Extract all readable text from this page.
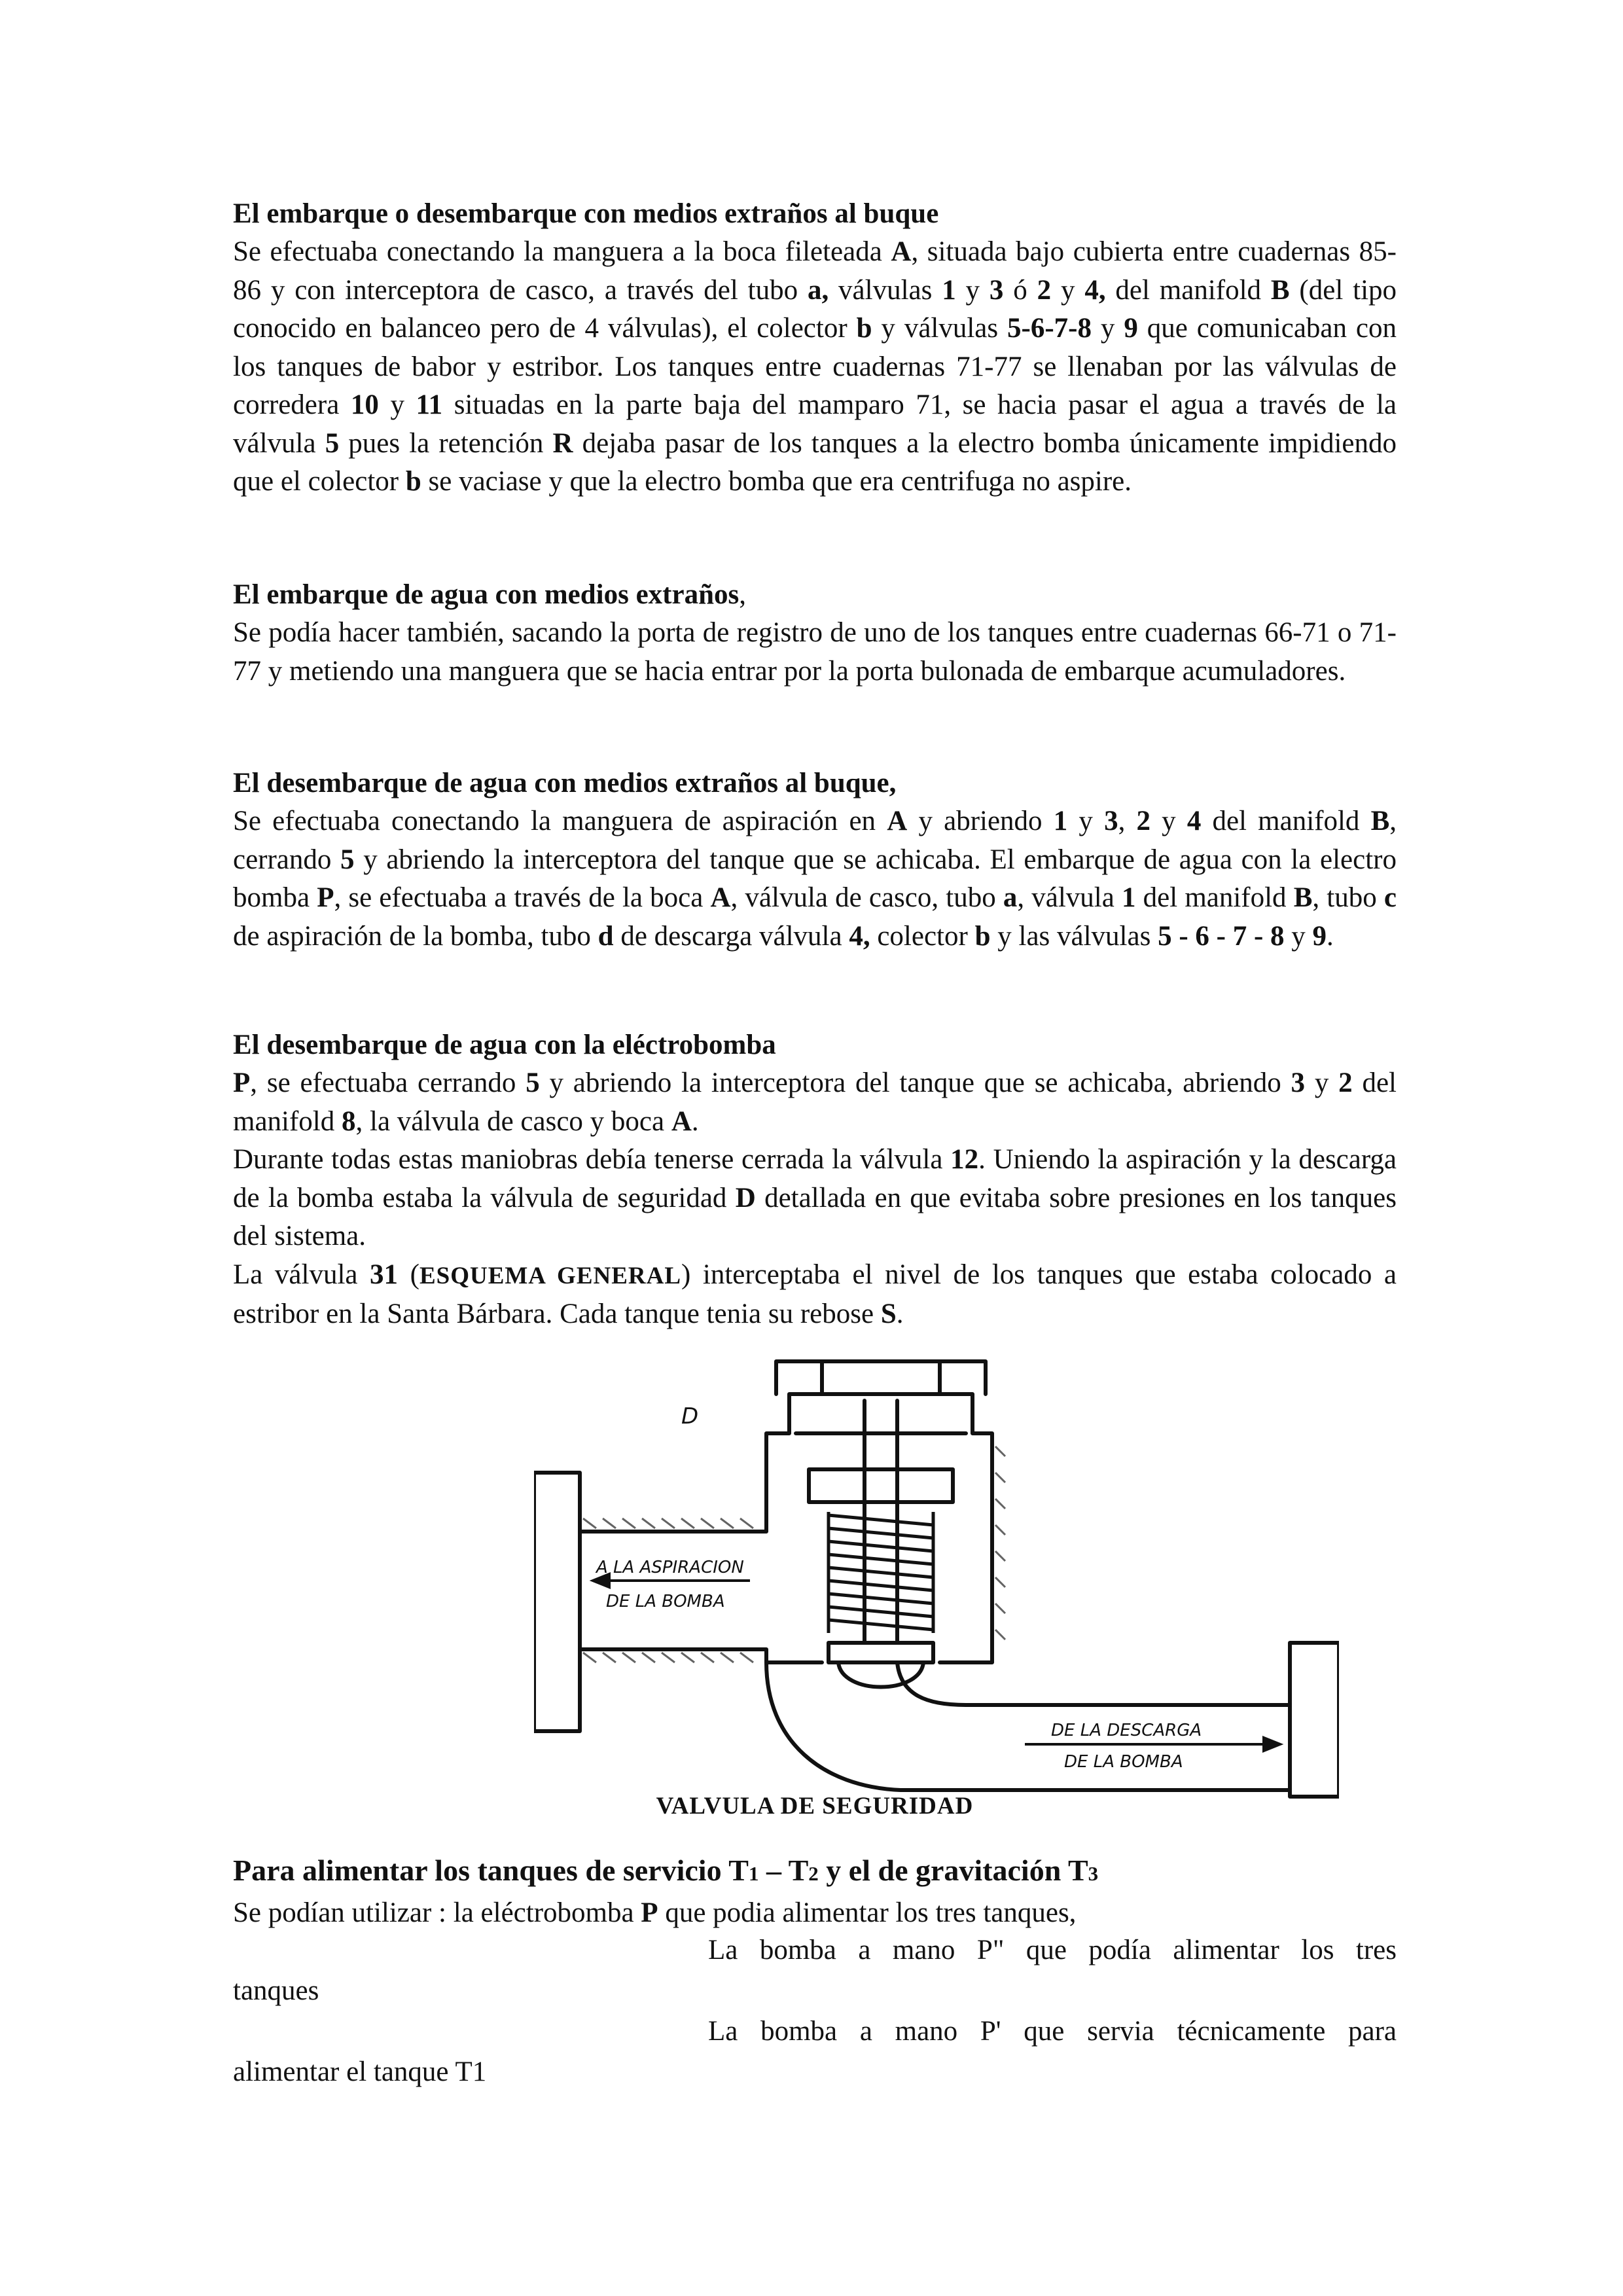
El embarque o desembarque con medios extraños al buque

Se efectuaba conectando la manguera a la boca fileteada A, situada bajo cubierta entre cuadernas 85-86 y con interceptora de casco, a través del tubo a, válvulas 1 y 3 ó 2 y 4, del manifold B (del tipo conocido en balanceo pero de 4 válvulas), el colector b y válvulas 5-6-7-8 y 9 que comunicaban con los tanques de babor y estribor. Los tanques entre cuadernas 71-77 se llenaban por las válvulas de corredera 10 y 11 situadas en la parte baja del mamparo 71, se hacia pasar el agua a través de la válvula 5 pues la retención R dejaba pasar de los tanques a la electro bomba únicamente impidiendo que el colector b se vaciase y que la electro bomba que era centrifuga no aspire.

El embarque de agua con medios extraños,

Se podía hacer también, sacando la porta de registro de uno de los tanques entre cuadernas 66-71 o 71-77 y metiendo una manguera que se hacia entrar por la porta bulonada de embarque acumuladores.

El desembarque de agua con medios extraños al buque,

Se efectuaba conectando la manguera de aspiración en A y abriendo 1 y 3, 2 y 4 del manifold B, cerrando 5 y abriendo la interceptora del tanque que se achicaba. El embarque de agua con la electro bomba P, se efectuaba a través de la boca A, válvula de casco, tubo a, válvula 1 del manifold B, tubo c de aspiración de la bomba, tubo d de descarga válvula 4, colector b y las válvulas 5 - 6 - 7 - 8 y 9.

El desembarque de agua con la eléctrobomba

P, se efectuaba cerrando 5 y abriendo la interceptora del tanque que se achicaba, abriendo 3 y 2 del manifold 8, la válvula de casco y boca A.

Durante todas estas maniobras debía tenerse cerrada la válvula 12. Uniendo la aspiración y la descarga de la bomba estaba la válvula de seguridad D detallada en que evitaba sobre presiones en los tanques del sistema.

La válvula 31 (ESQUEMA GENERAL) interceptaba el nivel de los tanques que estaba colocado a estribor en la Santa Bárbara. Cada tanque tenia su rebose S.

D
A LA ASPIRACION
DE LA BOMBA
DE LA DESCARGA
DE LA BOMBA
VALVULA DE SEGURIDAD

Para alimentar los tanques de servicio T1 – T2 y el de gravitación T3

Se podían utilizar : la eléctrobomba P que podia alimentar los tres tanques,
La bomba a mano P" que podía alimentar los tres
tanques
La bomba a mano P' que servia técnicamente para
alimentar el tanque T1
